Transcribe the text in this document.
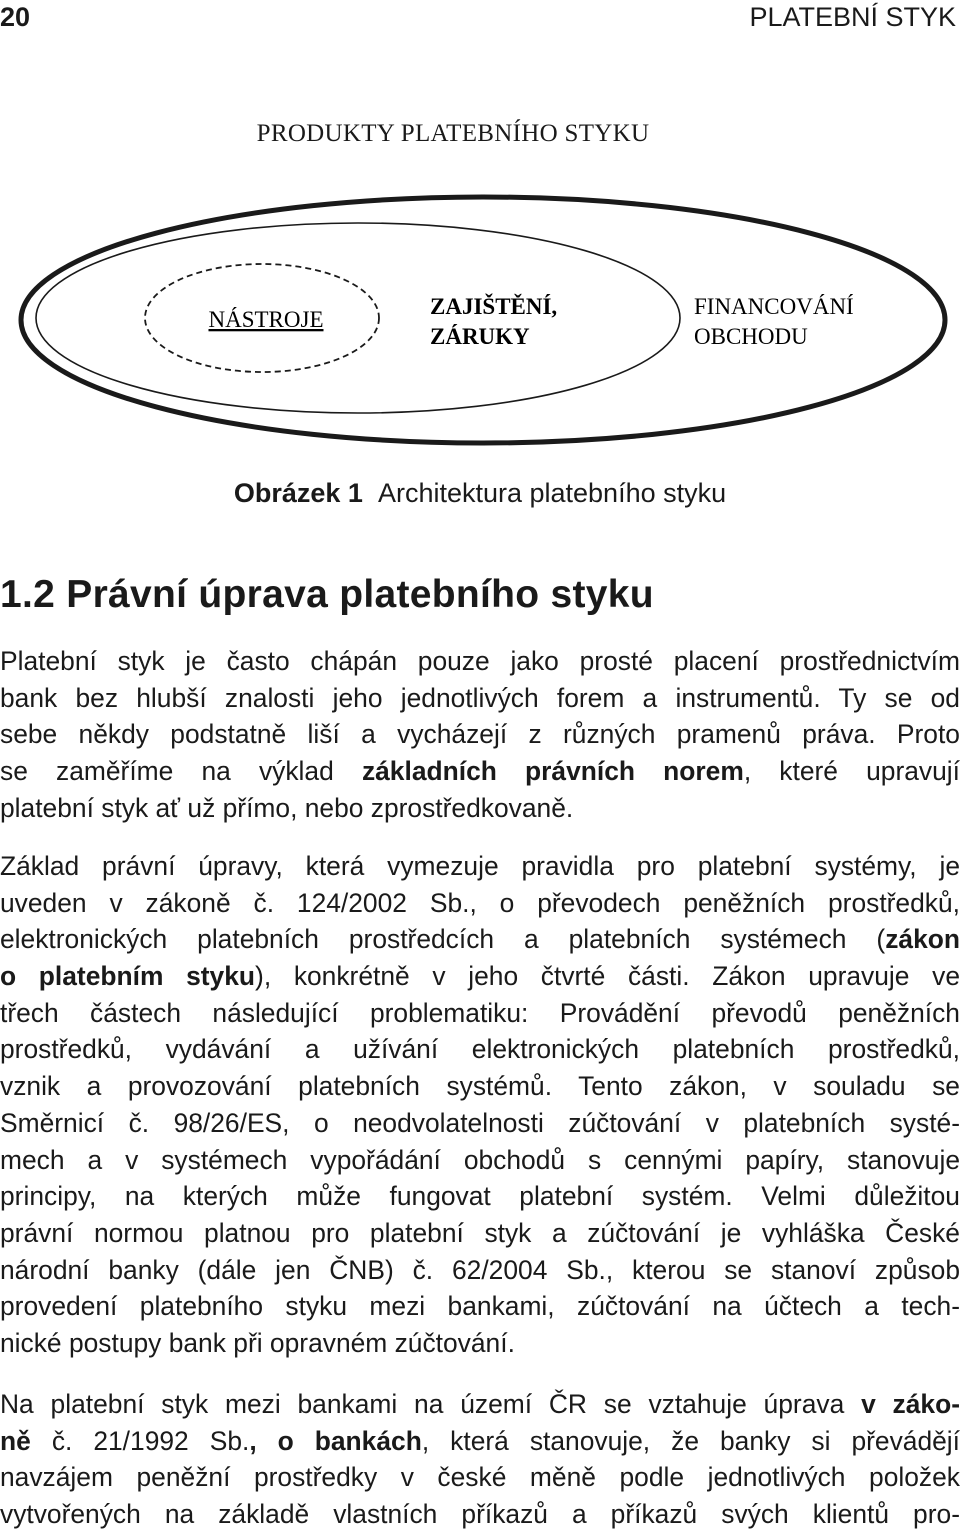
20	PLATEBNÍ STYK
PRODUKTY PLATEBNÍHO STYKU
NÁSTROJE
ZAJIŠTĚNÍ,
ZÁRUKY
FINANCOVÁNÍ
OBCHODU
Obrázek 1 Architektura platebního styku
1.2 Právní úprava platebního styku
Platební styk je často chápán pouze jako prosté placení prostřednictvím
bank bez hlubší znalosti jeho jednotlivých forem a instrumentů. Ty se od
sebe někdy podstatně liší a vycházejí z různých pramenů práva. Proto
se zaměříme na výklad základních právních norem, které upravují
platební styk ať už přímo, nebo zprostředkovaně.
Základ právní úpravy, která vymezuje pravidla pro platební systémy, je
uveden v zákoně č. 124/2002 Sb., o převodech peněžních prostředků,
elektronických platebních prostředcích a platebních systémech (zákon
o platebním styku), konkrétně v jeho čtvrté části. Zákon upravuje ve
třech částech následující problematiku: Provádění převodů peněžních
prostředků, vydávání a užívání elektronických platebních prostředků,
vznik a provozování platebních systémů. Tento zákon, v souladu se
Směrnicí č. 98/26/ES, o neodvolatelnosti zúčtování v platebních systé-
mech a v systémech vypořádání obchodů s cennými papíry, stanovuje
principy, na kterých může fungovat platební systém. Velmi důležitou
právní normou platnou pro platební styk a zúčtování je vyhláška České
národní banky (dále jen ČNB) č. 62/2004 Sb., kterou se stanoví způsob
provedení platebního styku mezi bankami, zúčtování na účtech a tech-
nické postupy bank při opravném zúčtování.
Na platební styk mezi bankami na území ČR se vztahuje úprava v záko-
ně č. 21/1992 Sb., o bankách, která stanovuje, že banky si převádějí
navzájem peněžní prostředky v české měně podle jednotlivých položek
vytvořených na základě vlastních příkazů a příkazů svých klientů pro-
